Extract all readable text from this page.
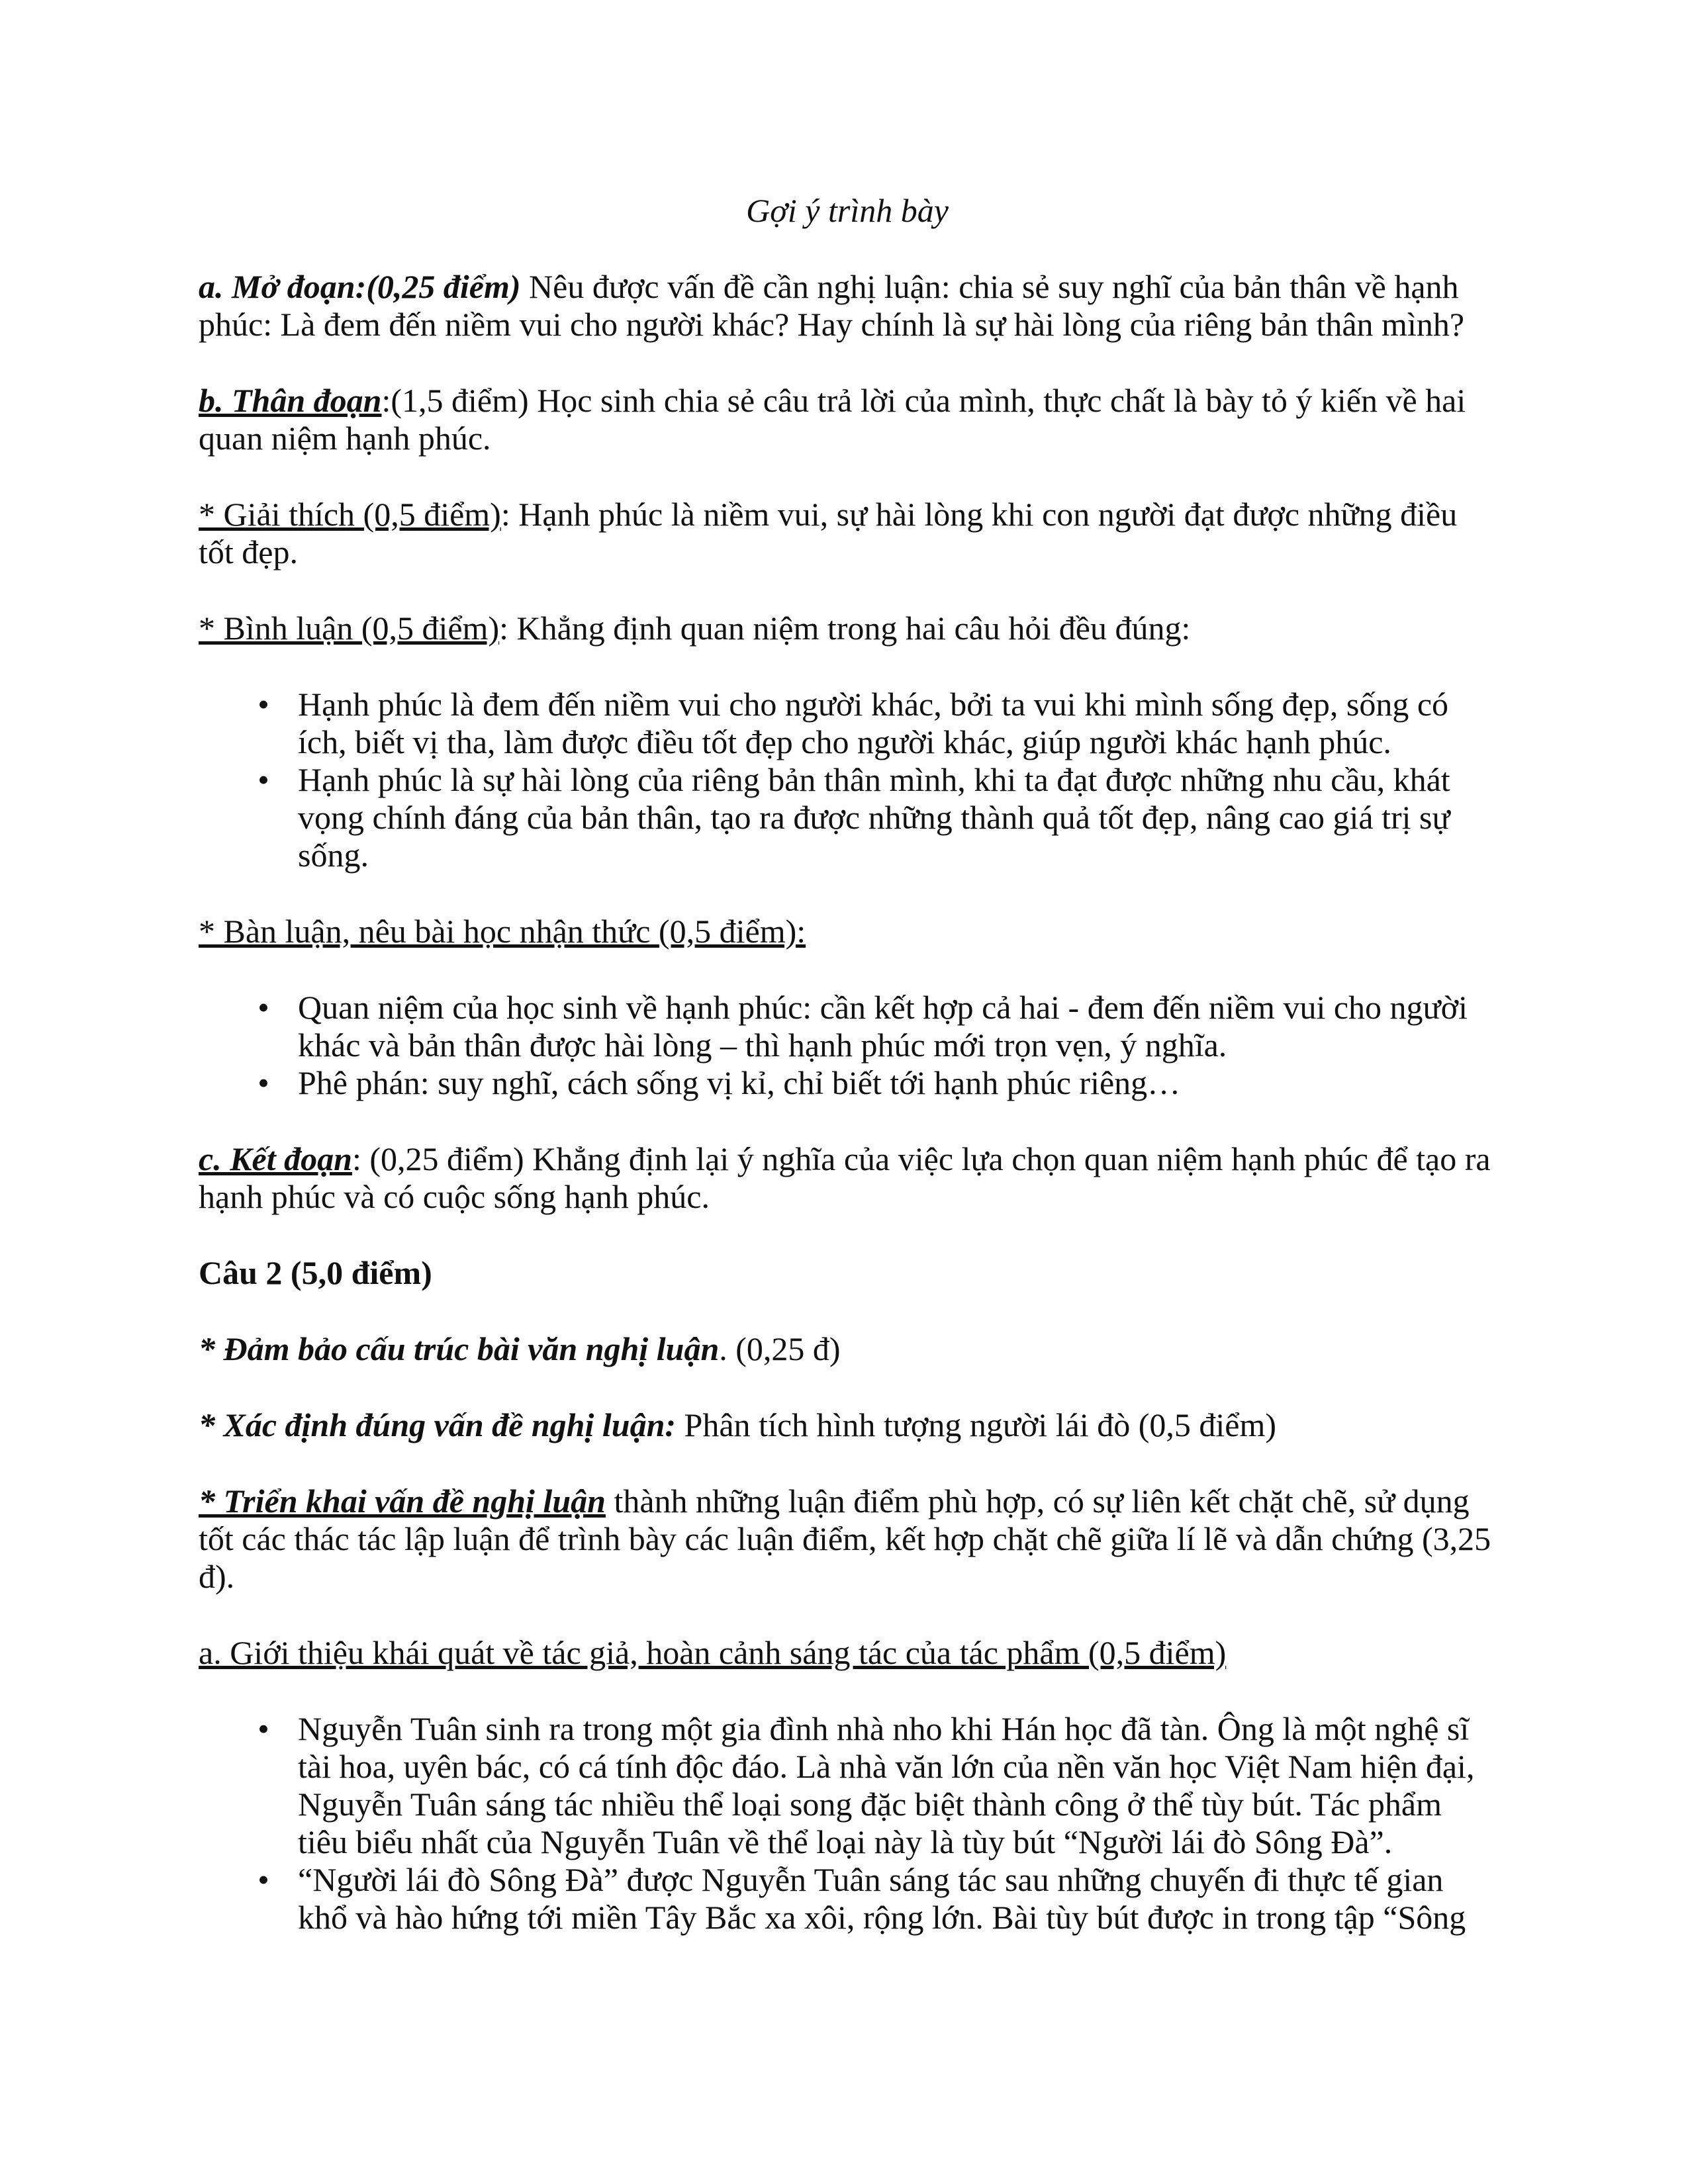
Gợi ý trình bày

a. Mở đoạn:(0,25 điểm) Nêu được vấn đề cần nghị luận: chia sẻ suy nghĩ của bản thân về hạnh phúc: Là đem đến niềm vui cho người khác? Hay chính là sự hài lòng của riêng bản thân mình?

b. Thân đoạn:(1,5 điểm) Học sinh chia sẻ câu trả lời của mình, thực chất là bày tỏ ý kiến về hai quan niệm hạnh phúc.

* Giải thích (0,5 điểm): Hạnh phúc là niềm vui, sự hài lòng khi con người đạt được những điều tốt đẹp.

* Bình luận (0,5 điểm): Khẳng định quan niệm trong hai câu hỏi đều đúng:

• Hạnh phúc là đem đến niềm vui cho người khác, bởi ta vui khi mình sống đẹp, sống có ích, biết vị tha, làm được điều tốt đẹp cho người khác, giúp người khác hạnh phúc.
• Hạnh phúc là sự hài lòng của riêng bản thân mình, khi ta đạt được những nhu cầu, khát vọng chính đáng của bản thân, tạo ra được những thành quả tốt đẹp, nâng cao giá trị sự sống.

* Bàn luận, nêu bài học nhận thức (0,5 điểm):

• Quan niệm của học sinh về hạnh phúc: cần kết hợp cả hai - đem đến niềm vui cho người khác và bản thân được hài lòng – thì hạnh phúc mới trọn vẹn, ý nghĩa.
• Phê phán: suy nghĩ, cách sống vị kỉ, chỉ biết tới hạnh phúc riêng…

c. Kết đoạn: (0,25 điểm) Khẳng định lại ý nghĩa của việc lựa chọn quan niệm hạnh phúc để tạo ra hạnh phúc và có cuộc sống hạnh phúc.

Câu 2 (5,0 điểm)

* Đảm bảo cấu trúc bài văn nghị luận. (0,25 đ)

* Xác định đúng vấn đề nghị luận: Phân tích hình tượng người lái đò (0,5 điểm)

* Triển khai vấn đề nghị luận thành những luận điểm phù hợp, có sự liên kết chặt chẽ, sử dụng tốt các thác tác lập luận để trình bày các luận điểm, kết hợp chặt chẽ giữa lí lẽ và dẫn chứng (3,25 đ).

a. Giới thiệu khái quát về tác giả, hoàn cảnh sáng tác của tác phẩm (0,5 điểm)

• Nguyễn Tuân sinh ra trong một gia đình nhà nho khi Hán học đã tàn. Ông là một nghệ sĩ tài hoa, uyên bác, có cá tính độc đáo. Là nhà văn lớn của nền văn học Việt Nam hiện đại, Nguyễn Tuân sáng tác nhiều thể loại song đặc biệt thành công ở thể tùy bút. Tác phẩm tiêu biểu nhất của Nguyễn Tuân về thể loại này là tùy bút “Người lái đò Sông Đà”.
• “Người lái đò Sông Đà” được Nguyễn Tuân sáng tác sau những chuyến đi thực tế gian khổ và hào hứng tới miền Tây Bắc xa xôi, rộng lớn. Bài tùy bút được in trong tập “Sông
